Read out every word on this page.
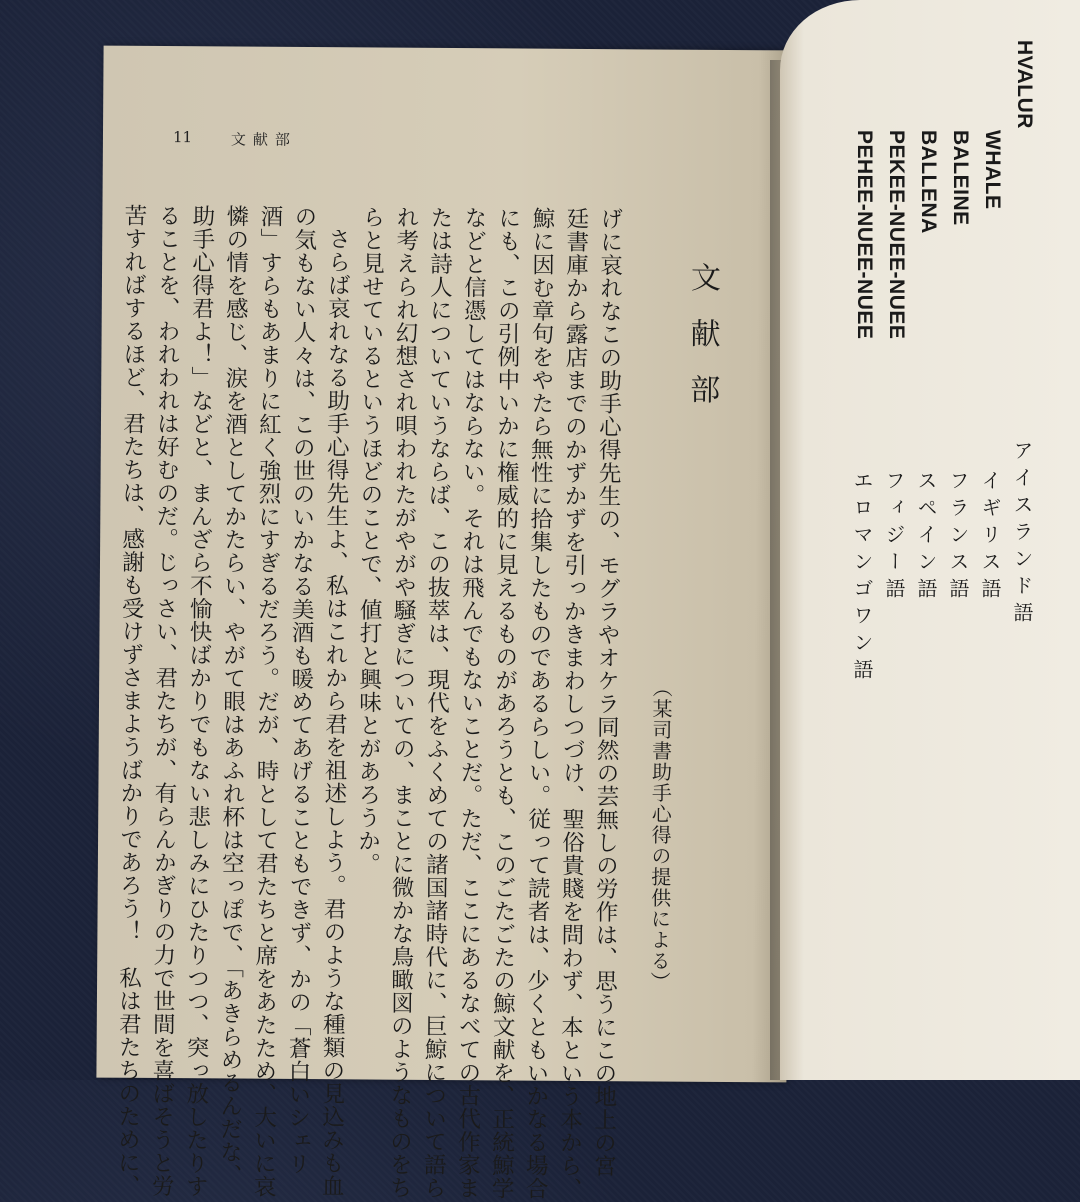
11	文献部
文献部
（某司書助手心得の提供による）
げに哀れなこの助手心得先生の、モグラやオケラ同然の芸無しの労作は、思うにこの地上の宮
廷書庫から露店までのかずかずを引っかきまわしつづけ、聖俗貴賤を問わず、本という本から、
鯨に因む章句をやたら無性に拾集したものであるらしい。従って読者は、少くともいかなる場合
にも、この引例中いかに権威的に見えるものがあろうとも、このごたごたの鯨文献を、正統鯨学
などと信憑してはならない。それは飛んでもないことだ。ただ、ここにあるなべての古代作家ま
たは詩人についていうならば、この抜萃は、現代をふくめての諸国諸時代に、巨鯨について語ら
れ考えられ幻想され唄われたがやがや騒ぎについての、まことに微かな鳥瞰図のようなものをち
らと見せているというほどのことで、値打と興味とがあろうか。
さらば哀れなる助手心得先生よ、私はこれから君を祖述しよう。君のような種類の見込みも血
の気もない人々は、この世のいかなる美酒も暖めてあげることもできず、かの「蒼白いシェリ
酒」すらもあまりに紅く強烈にすぎるだろう。だが、時として君たちと席をあたため、大いに哀
憐の情を感じ、涙を酒としてかたらい、やがて眼はあふれ杯は空っぽで、「あきらめるんだな、
助手心得君よ！」などと、まんざら不愉快ばかりでもない悲しみにひたりつつ、突っ放したりす
ることを、われわれは好むのだ。じっさい、君たちが、有らんかぎりの力で世間を喜ばそうと労
苦すればするほど、君たちは、感謝も受けずさまようばかりであろう！　私は君たちのために、
HVALUR
アイスランド語
WHALE
イギリス語
BALEINE
フランス語
BALLENA
スペイン語
PEKEE-NUEE-NUEE
フィジー語
PEHEE-NUEE-NUEE
エロマンゴワン語
